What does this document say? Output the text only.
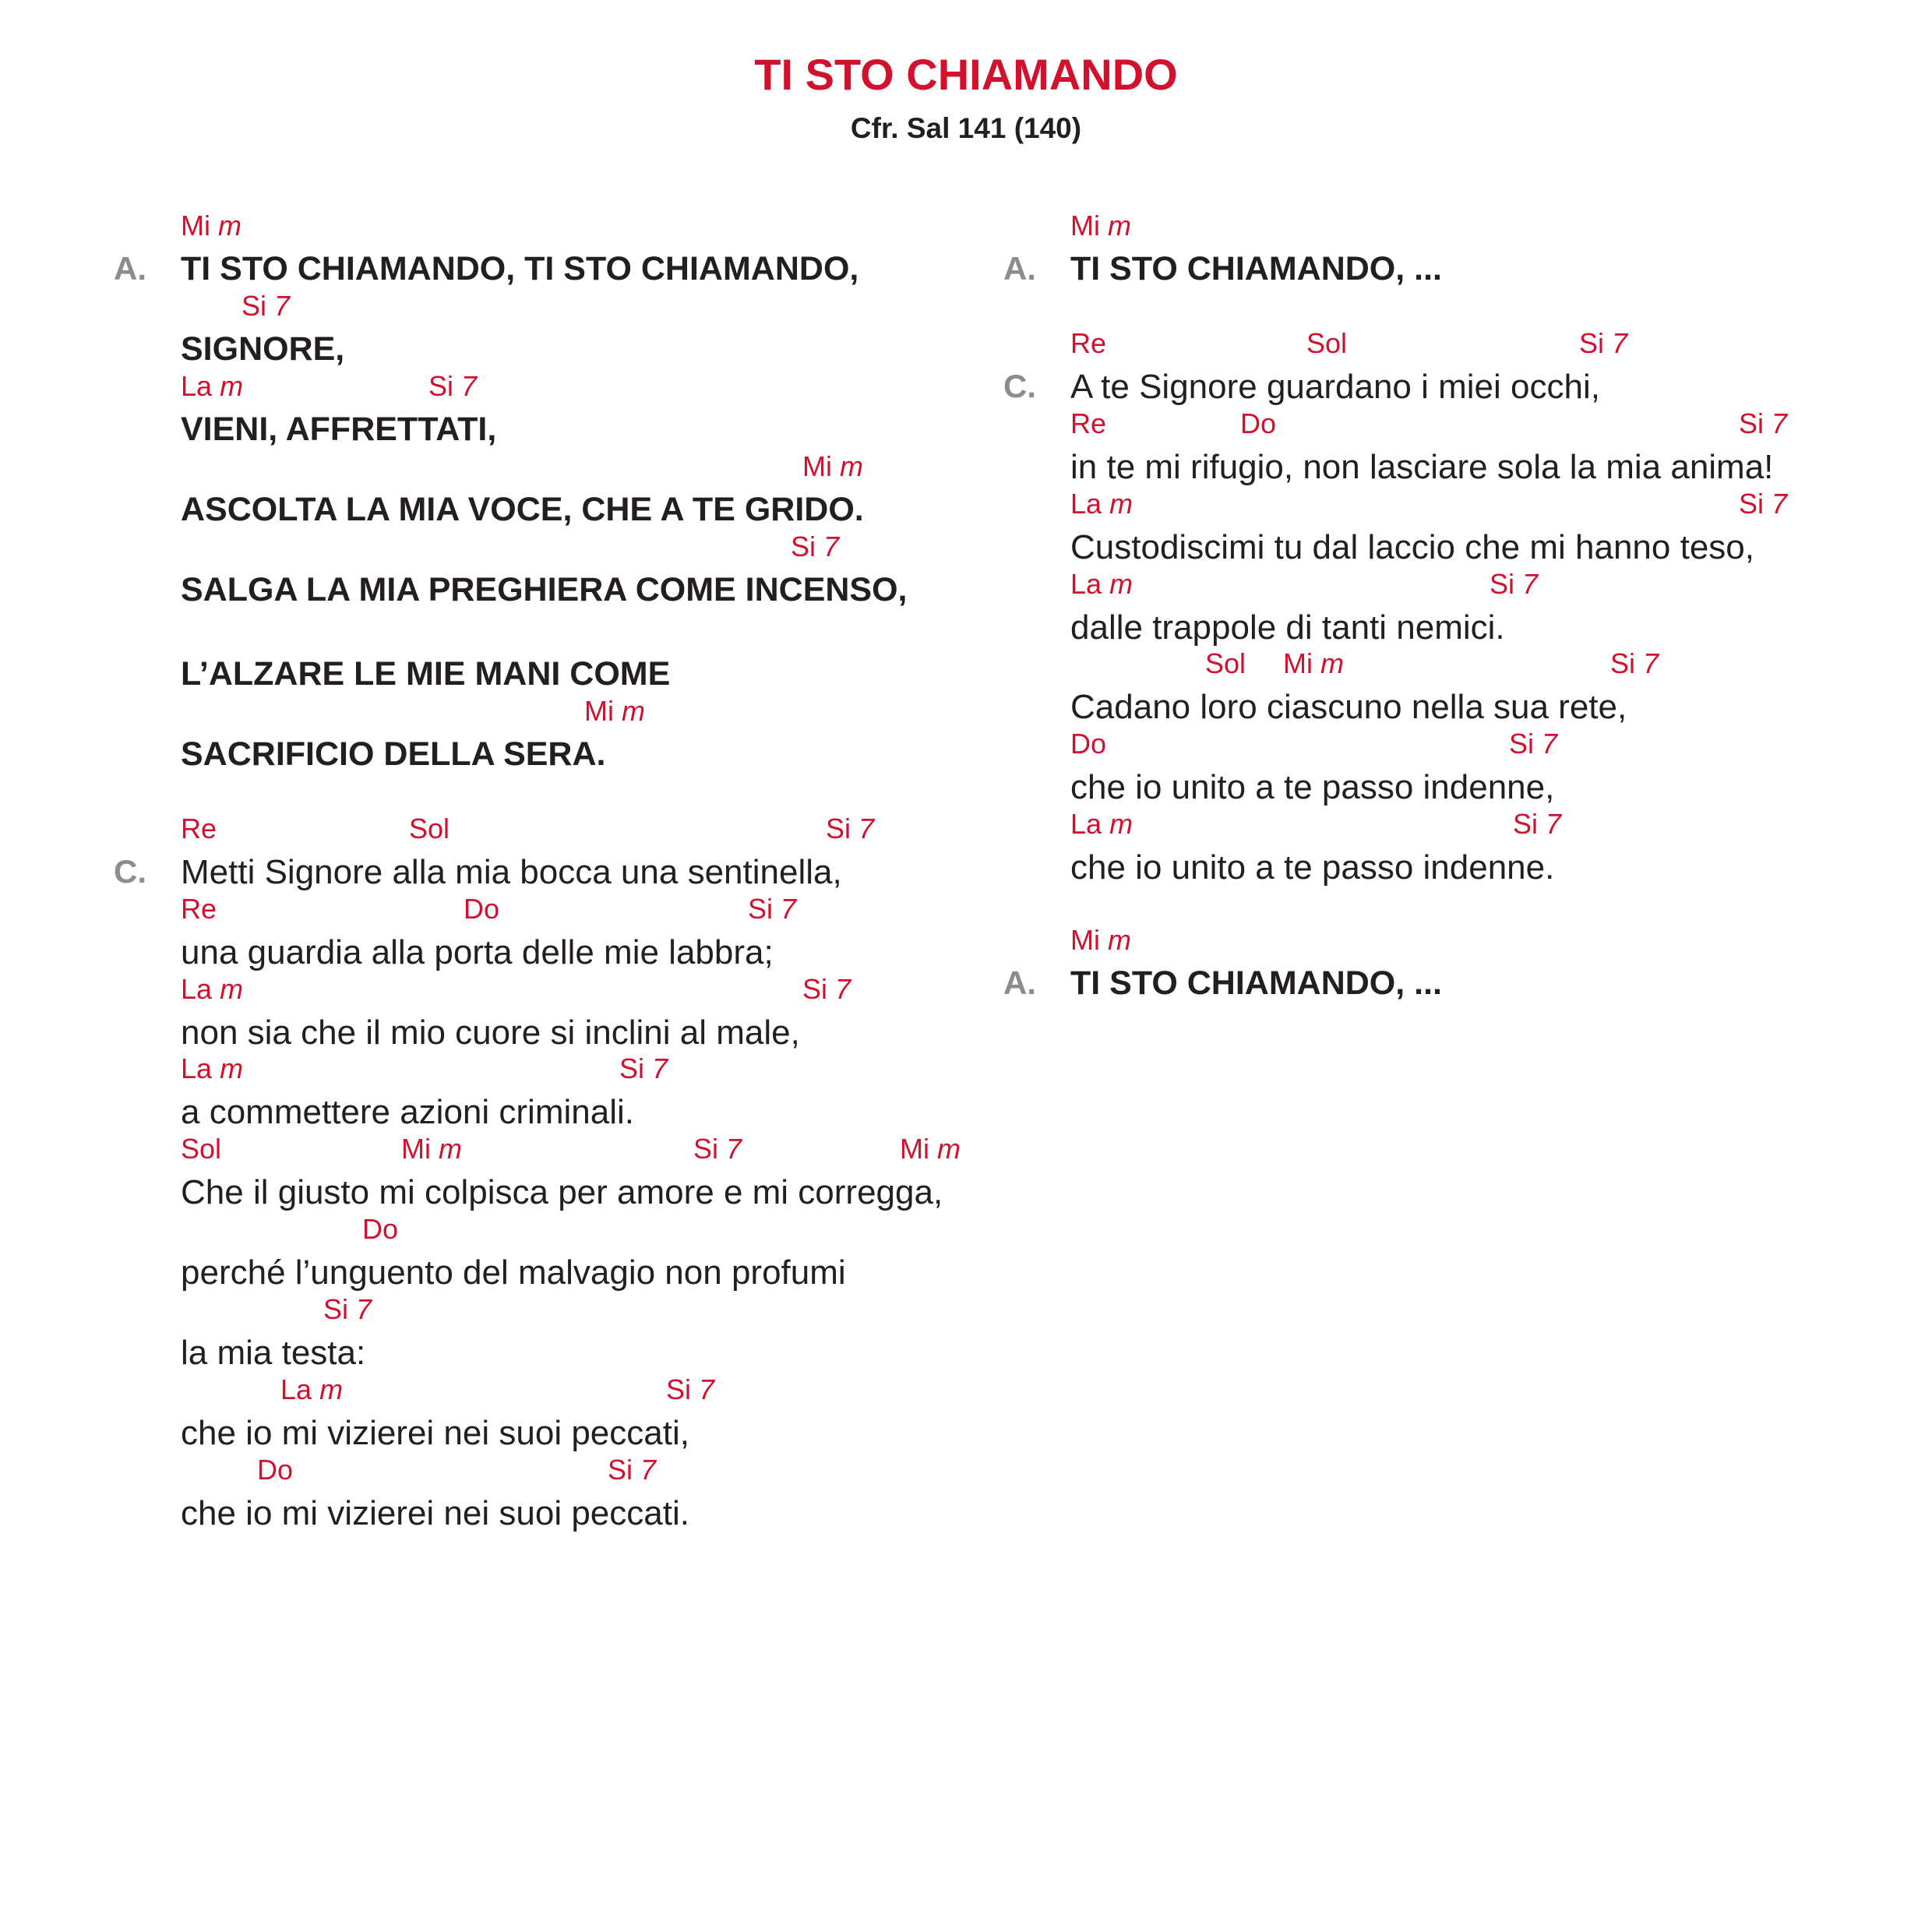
TI STO CHIAMANDO
Cfr. Sal 141 (140)
A. TI STO CHIAMANDO, TI STO CHIAMANDO,
Mi m
SIGNORE,
Si 7
VIENI, AFFRETTATI,
La m	Si 7
ASCOLTA LA MIA VOCE, CHE A TE GRIDO.
Mi m
SALGA LA MIA PREGHIERA COME INCENSO,
Si 7
L’ALZARE LE MIE MANI COME
SACRIFICIO DELLA SERA.
Mi m
C. Metti Signore alla mia bocca una sentinella,
Re	Sol	Si 7
una guardia alla porta delle mie labbra;
Re	Do	Si 7
non sia che il mio cuore si inclini al male,
La m	Si 7
a commettere azioni criminali.
La m	Si 7
Che il giusto mi colpisca per amore e mi corregga,
Sol	Mi m	Si 7	Mi m
perché l’unguento del malvagio non profumi
Do
la mia testa:
Si 7
che io mi vizierei nei suoi peccati,
La m	Si 7
che io mi vizierei nei suoi peccati.
Do	Si 7
A. TI STO CHIAMANDO, ...
Mi m
C. A te Signore guardano i miei occhi,
Re	Sol	Si 7
in te mi rifugio, non lasciare sola la mia anima!
Re	Do	Si 7
Custodiscimi tu dal laccio che mi hanno teso,
La m	Si 7
dalle trappole di tanti nemici.
La m	Si 7
Cadano loro ciascuno nella sua rete,
Sol Mi m	Si 7
che io unito a te passo indenne,
Do	Si 7
che io unito a te passo indenne.
La m	Si 7
A. TI STO CHIAMANDO, ...
Mi m
